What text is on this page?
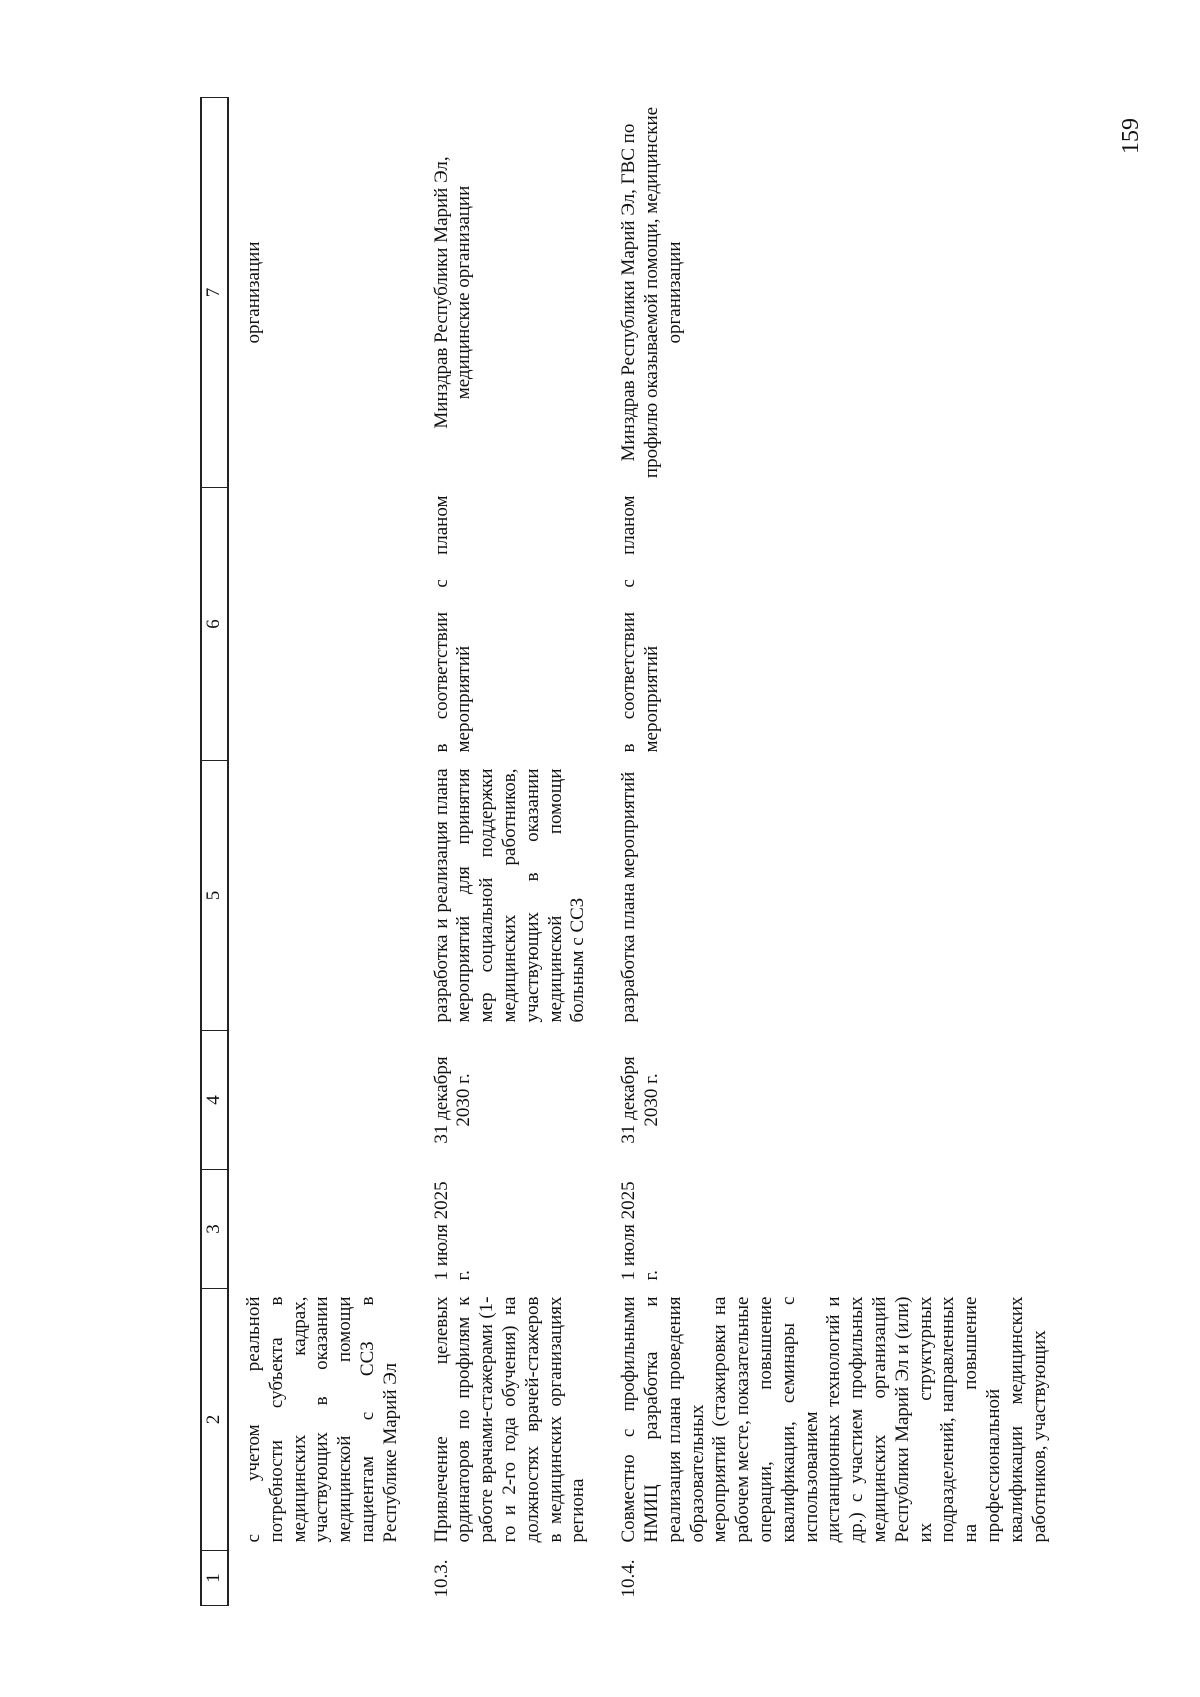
159
1	2	3	4	5	6	7
	с учетом реальной потребности субъекта в медицинских кадрах, участвующих в оказании медицинской помощи пациентам с ССЗ в Республике Марий Эл					организации
10.3.	Привлечение целевых ординаторов по профилям к работе врачами-стажерами (1-го и 2-го года обучения) на должностях врачей-стажеров в медицинских организациях региона	1 июля 2025 г.	31 декабря 2030 г.	разработка и реализация плана мероприятий для принятия мер социальной поддержки медицинских работников, участвующих в оказании медицинской помощи больным с ССЗ	в соответствии с планом мероприятий	Минздрав Республики Марий Эл, медицинские организации
10.4.	Совместно с профильными НМИЦ разработка и реализация плана проведения образовательных мероприятий (стажировки на рабочем месте, показательные операции, повышение квалификации, семинары с использованием дистанционных технологий и др.) с участием профильных медицинских организаций Республики Марий Эл и (или) их структурных подразделений, направленных на повышение профессиональной квалификации медицинских работников, участвующих	1 июля 2025 г.	31 декабря 2030 г.	разработка плана мероприятий	в соответствии с планом мероприятий	Минздрав Республики Марий Эл, ГВС по профилю оказываемой помощи, медицинские организации
